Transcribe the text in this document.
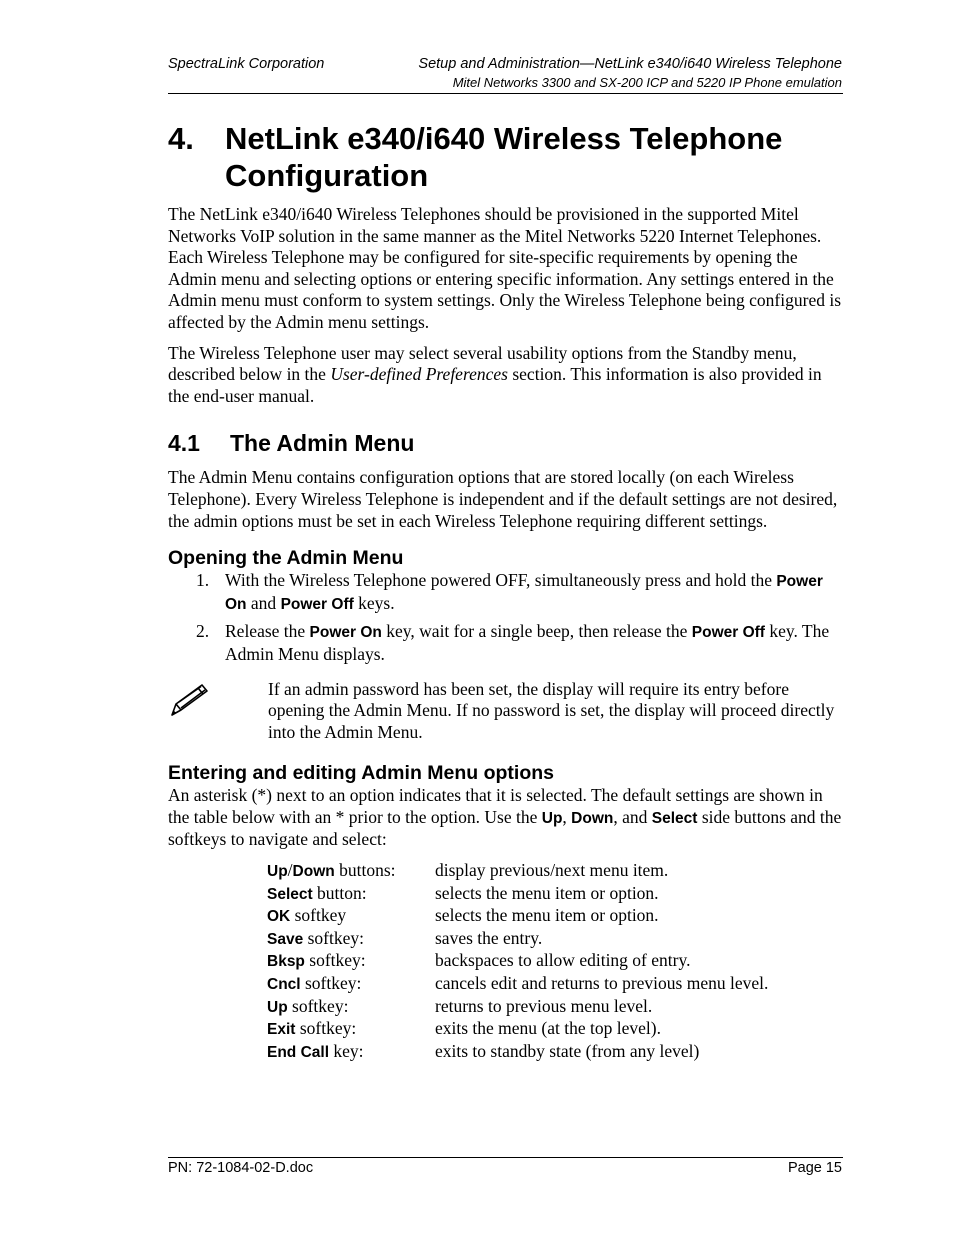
SpectraLink Corporation	Setup and Administration—NetLink e340/i640 Wireless Telephone
Mitel Networks 3300 and SX-200 ICP and 5220 IP Phone emulation
4.	NetLink e340/i640 Wireless Telephone Configuration

The NetLink e340/i640 Wireless Telephones should be provisioned in the supported Mitel Networks VoIP solution in the same manner as the Mitel Networks 5220 Internet Telephones. Each Wireless Telephone may be configured for site-specific requirements by opening the Admin menu and selecting options or entering specific information. Any settings entered in the Admin menu must conform to system settings. Only the Wireless Telephone being configured is affected by the Admin menu settings.

The Wireless Telephone user may select several usability options from the Standby menu, described below in the User-defined Preferences section. This information is also provided in the end-user manual.

4.1	The Admin Menu

The Admin Menu contains configuration options that are stored locally (on each Wireless Telephone). Every Wireless Telephone is independent and if the default settings are not desired, the admin options must be set in each Wireless Telephone requiring different settings.

Opening the Admin Menu
1. With the Wireless Telephone powered OFF, simultaneously press and hold the Power On and Power Off keys.
2. Release the Power On key, wait for a single beep, then release the Power Off key. The Admin Menu displays.

If an admin password has been set, the display will require its entry before opening the Admin Menu. If no password is set, the display will proceed directly into the Admin Menu.

Entering and editing Admin Menu options

An asterisk (*) next to an option indicates that it is selected. The default settings are shown in the table below with an * prior to the option. Use the Up, Down, and Select side buttons and the softkeys to navigate and select:

Up/Down buttons:	display previous/next menu item.
Select button:	selects the menu item or option.
OK softkey	selects the menu item or option.
Save softkey:	saves the entry.
Bksp softkey:	backspaces to allow editing of entry.
Cncl softkey:	cancels edit and returns to previous menu level.
Up softkey:	returns to previous menu level.
Exit softkey:	exits the menu (at the top level).
End Call key:	exits to standby state (from any level)
PN: 72-1084-02-D.doc	Page 15
